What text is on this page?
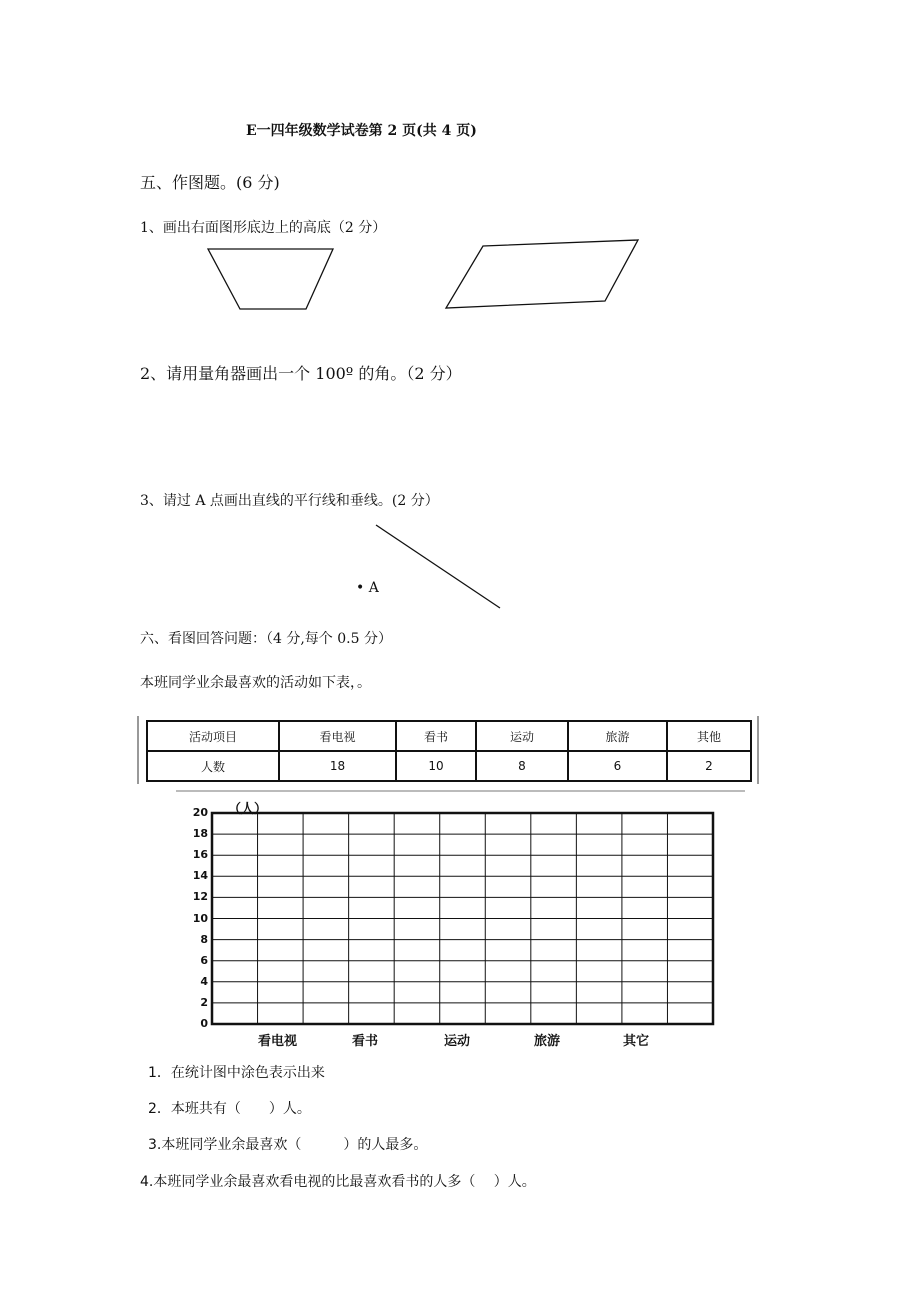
E一四年级数学试卷第 2 页(共 4 页)
五、作图题。(6 分)
1、画出右面图形底边上的高底（2 分）
2、请用量角器画出一个 100º 的角。（2 分）
3、请过 A 点画出直线的平行线和垂线。(2 分）
• A
六、看图回答问题：（4 分,每个 0.5 分）
本班同学业余最喜欢的活动如下表，。
活动项目	看电视	看书	运动	旅游	其他
人数	18	10	8	6	2
（人）
20
18
16
14
12
10
8
6
4
2
0
看电视	看书	运动	旅游	其它
1．在统计图中涂色表示出来
2．本班共有（　　）人。
3.本班同学业余最喜欢（　　　）的人最多。
4.本班同学业余最喜欢看电视的比最喜欢看书的人多（　 ）人。
